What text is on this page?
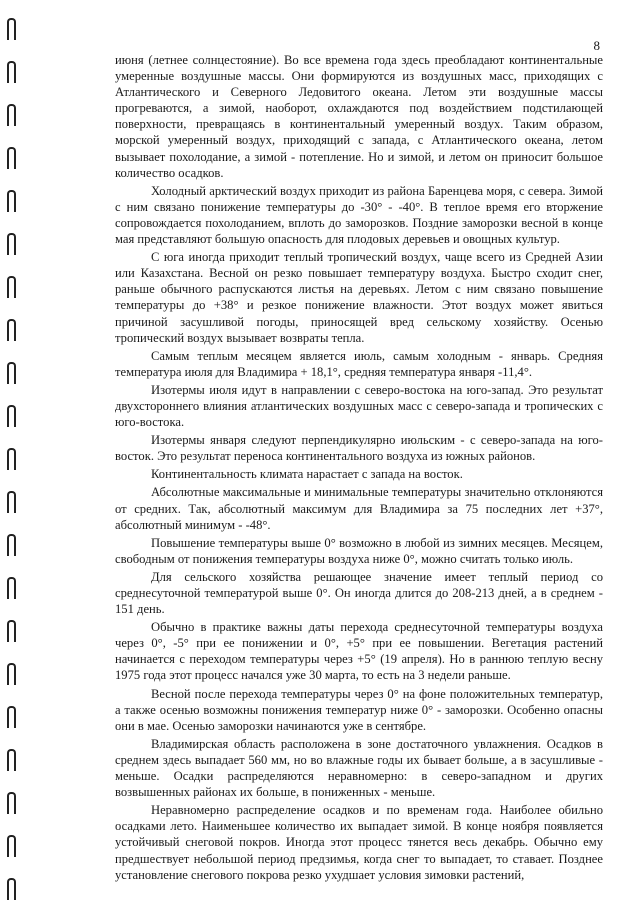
8

июня (летнее солнцестояние). Во все времена года здесь преобладают континентальные умеренные воздушные массы. Они формируются из воздушных масс, приходящих с Атлантического и Северного Ледовитого океана. Летом эти воздушные массы прогреваются, а зимой, наоборот, охлаждаются под воздействием подстилающей поверхности, превращаясь в континентальный умеренный воздух. Таким образом, морской умеренный воздух, приходящий с запада, с Атлантического океана, летом вызывает похолодание, а зимой - потепление. Но и зимой, и летом он приносит большое количество осадков.

Холодный арктический воздух приходит из района Баренцева моря, с севера. Зимой с ним связано понижение температуры до -30° - -40°. В теплое время его вторжение сопровождается похолоданием, вплоть до заморозков. Поздние заморозки весной в конце мая представляют большую опасность для плодовых деревьев и овощных культур.

С юга иногда приходит теплый тропический воздух, чаще всего из Средней Азии или Казахстана. Весной он резко повышает температуру воздуха. Быстро сходит снег, раньше обычного распускаются листья на деревьях. Летом с ним связано повышение температуры до +38° и резкое понижение влажности. Этот воздух может явиться причиной засушливой погоды, приносящей вред сельскому хозяйству. Осенью тропический воздух вызывает возвраты тепла.

Самым теплым месяцем является июль, самым холодным - январь. Средняя температура июля для Владимира + 18,1°, средняя температура января -11,4°.

Изотермы июля идут в направлении с северо-востока на юго-запад. Это результат двухстороннего влияния атлантических воздушных масс с северо-запада и тропических с юго-востока.

Изотермы января следуют перпендикулярно июльским - с северо-запада на юго-восток. Это результат переноса континентального воздуха из южных районов.

Континентальность климата нарастает с запада на восток.

Абсолютные максимальные и минимальные температуры значительно отклоняются от средних. Так, абсолютный максимум для Владимира за 75 последних лет +37°, абсолютный минимум - -48°.

Повышение температуры выше 0° возможно в любой из зимних месяцев. Месяцем, свободным от понижения температуры воздуха ниже 0°, можно считать только июль.

Для сельского хозяйства решающее значение имеет теплый период со среднесуточной температурой выше 0°. Он иногда длится до 208-213 дней, а в среднем - 151 день.

Обычно в практике важны даты перехода среднесуточной температуры воздуха через 0°, -5° при ее понижении и 0°, +5° при ее повышении. Вегетация растений начинается с переходом температуры через +5° (19 апреля). Но в раннюю теплую весну 1975 года этот процесс начался уже 30 марта, то есть на 3 недели раньше.

Весной после перехода температуры через 0° на фоне положительных температур, а также осенью возможны понижения температур ниже 0° - заморозки. Особенно опасны они в мае. Осенью заморозки начинаются уже в сентябре.

Владимирская область расположена в зоне достаточного увлажнения. Осадков в среднем здесь выпадает 560 мм, но во влажные годы их бывает больше, а в засушливые - меньше. Осадки распределяются неравномерно: в северо-западном и других возвышенных районах их больше, в пониженных - меньше.

Неравномерно распределение осадков и по временам года. Наиболее обильно осадками лето. Наименьшее количество их выпадает зимой. В конце ноября появляется устойчивый снеговой покров. Иногда этот процесс тянется весь декабрь. Обычно ему предшествует небольшой период предзимья, когда снег то выпадает, то ставает. Позднее установление снегового покрова резко ухудшает условия зимовки растений,
